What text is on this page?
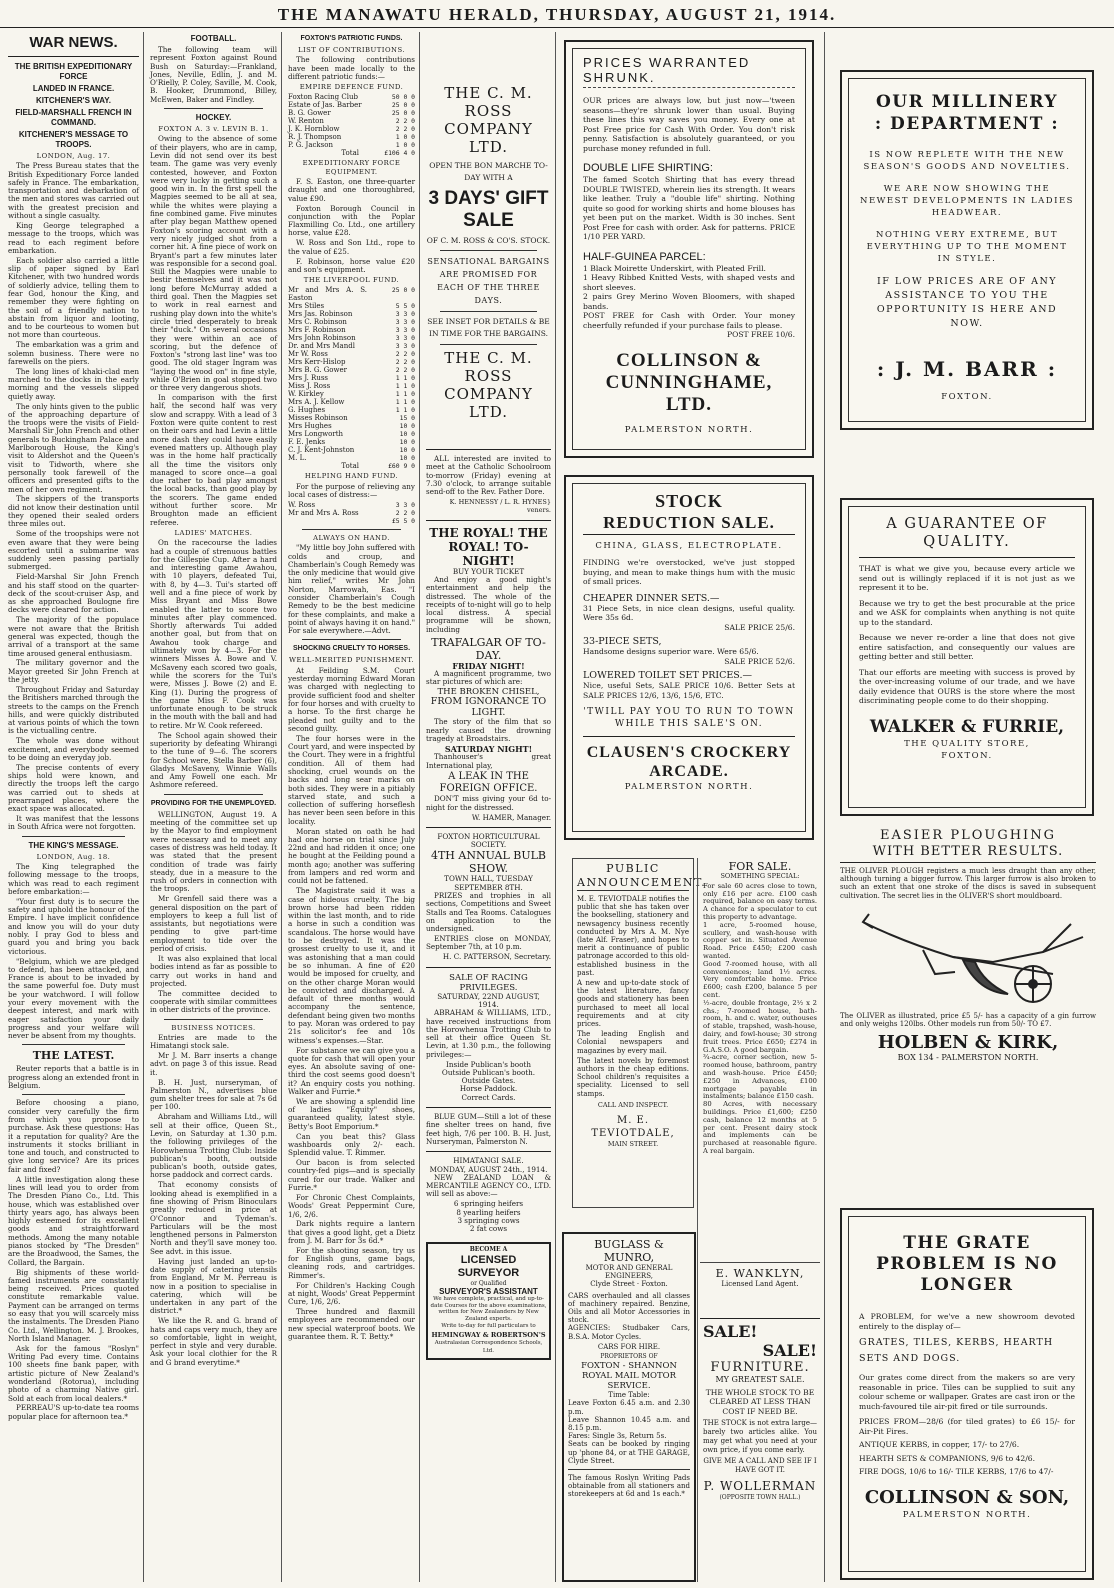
THE MANAWATU HERALD, THURSDAY, AUGUST 21, 1914.
WAR NEWS.
THE BRITISH EXPEDITIONARY FORCE
LANDED IN FRANCE.
KITCHENER'S WAY.
FIELD-MARSHALL FRENCH IN COMMAND.
KITCHENER'S MESSAGE TO TROOPS.
LONDON, Aug. 17.

The Press Bureau states that the British Expeditionary Force landed safely in France. The embarkation, transportation and debarkation of the men and stores was carried out with the greatest precision and without a single casualty.

King George telegraphed a message to the troops, which was read to each regiment before embarkation.

Each soldier also carried a little slip of paper signed by Earl Kitchener, with two hundred words of soldierly advice, telling them to fear God, honour the King, and remember they were fighting on the soil of a friendly nation to abstain from liquor and looting, and to be courteous to women but not more than courteous.

The embarkation was a grim and solemn business. There were no farewells on the piers.

The long lines of khaki-clad men marched to the docks in the early morning and the vessels slipped quietly away.

The only hints given to the public of the approaching departure of the troops were the visits of Field-Marshall Sir John French and other generals to Buckingham Palace and Marlborough House, the King's visit to Aldershot and the Queen's visit to Tidworth, where she personally took farewell of the officers and presented gifts to the men of her own regiment.

The skippers of the transports did not know their destination until they opened their sealed orders three miles out.

Some of the troopships were not even aware that they were being escorted until a submarine was suddenly seen passing partially submerged.

Field-Marshal Sir John French and his staff stood on the quarter-deck of the scout-cruiser Asp, and as she approached Boulogne fire decks were cleared for action.

The majority of the populace were not aware that the British general was expected, though the arrival of a transport at the same time aroused general enthusiasm.

The military governor and the Mayor greeted Sir John French at the jetty.

Throughout Friday and Saturday the Britishers marched through the streets to the camps on the French hills, and were quickly distributed at various points of which the town is the victualling centre.

The whole was done without excitement, and everybody seemed to be doing an everyday job.

The precise contents of every ships hold were known, and directly the troops left the cargo was carried out to sheds at prearranged places, where the exact space was allocated.

It was manifest that the lessons in South Africa were not forgotten.

THE KING'S MESSAGE.
LONDON, Aug. 18.

The King telegraphed the following message to the troops, which was read to each regiment before embarkation:—

"Your first duty is to secure the safety and uphold the honour of the Empire. I have implicit confidence and know you will do your duty nobly. I pray God to bless and guard you and bring you back victorious.

"Belgium, which we are pledged to defend, has been attacked, and France is about to be invaded by the same powerful foe. Duty must be your watchword. I will follow your every movement with the deepest interest, and mark with eager satisfaction your daily progress and your welfare will never be absent from my thoughts.

THE LATEST.

Reuter reports that a battle is in progress along an extended front in Belgium.

Before choosing a piano, consider very carefully the firm from which you propose to purchase. Ask these questions: Has it a reputation for quality? Are the instruments it stocks brilliant in tone and touch, and constructed to give long service? Are its prices fair and fixed?

A little investigation along these lines will lead you to order from The Dresden Piano Co., Ltd. This house, which was established over thirty years ago, has always been highly esteemed for its excellent goods and straightforward methods. Among the many notable pianos stocked by "The Dresden" are the Broadwood, the Sames, the Collard, the Bargain.

Big shipments of these world-famed instruments are constantly being received. Prices quoted constitute remarkable value. Payment can be arranged on terms so easy that you will scarcely miss the instalments. The Dresden Piano Co. Ltd., Wellington. M. J. Brookes, North Island Manager.

Ask for the famous "Roslyn" Writing Pad every time. Contains 100 sheets fine bank paper, with artistic picture of New Zealand's wonderland (Rotorua), including photo of a charming Native girl. Sold at each from local dealers.*

PERREAU'S up-to-date tea rooms popular place for afternoon tea.*

FOOTBALL.

The following team will represent Foxton against Round Bush on Saturday:—Frankland, Jones, Neville, Edlin, J. and M. O'Rielly, P. Coley, Saville, M. Cook, B. Hooker, Drummond, Billey, McEwen, Baker and Findley.

HOCKEY.
FOXTON A. 3 v. LEVIN B. 1.

Owing to the absence of some of their players, who are in camp, Levin did not send over its best team. The game was very evenly contested, however, and Foxton were very lucky in getting such a good win in. In the first spell the Magpies seemed to be all at sea, while the whites were playing a fine combined game. Five minutes after play began Matthew opened Foxton's scoring account with a very nicely judged shot from a corner hit. A fine piece of work on Bryant's part a few minutes later was responsible for a second goal. Still the Magpies were unable to bestir themselves and it was not long before McMurray added a third goal. Then the Magpies set to work in real earnest and rushing play down into the white's circle tried desperately to break their "duck." On several occasions they were within an ace of scoring, but the defence of Foxton's "strong last line" was too good. The old stager Ingram was "laying the wood on" in fine style, while O'Brien in goal stopped two or three very dangerous shots.

In comparison with the first half, the second half was very slow and scrappy. With a lead of 3 Foxton were quite content to rest on their oars and had Levin a little more dash they could have easily evened matters up. Although play was in the home half practically all the time the visitors only managed to score once—a goal due rather to bad play amongst the local backs, than good play by the scorers. The game ended without further score. Mr Broughton made an efficient referee.

LADIES' MATCHES.

On the racecourse the ladies had a couple of strenuous battles for the Gillespie Cup. After a hard and interesting game Awahou, with 10 players, defeated Tui, with 8, by 4—3. Tui's started off well and a fine piece of work by Miss Bryant and Miss Bowe enabled the latter to score two minutes after play commenced. Shortly afterwards Tui added another goal, but from that on Awahou took charge and ultimately won by 4—3. For the winners Misses A. Bowe and V. McSaveny each scored two goals, while the scorers for the Tui's were, Misses J. Bowe (2) and E. King (1). During the progress of the game Miss F. Cook was unfortunate enough to be struck in the mouth with the ball and had to retire. Mr W. Cook refereed.

The School again showed their superiority by defeating Whirangi to the tune of 9—6. The scorers for School were, Stella Barber (6), Gladys McSaveny, Winnie Walls and Amy Fowell one each. Mr Ashmore refereed.

PROVIDING FOR THE UNEMPLOYED.

WELLINGTON, August 19. A meeting of the committee set up by the Mayor to find employment were necessary and to meet any cases of distress was held today. It was stated that the present condition of trade was fairly steady, due in a measure to the rush of orders in connection with the troops.

Mr Grenfell said there was a general disposition on the part of employers to keep a full list of assistants, but negotiations were pending to give part-time employment to tide over the period of crisis.

It was also explained that local bodies intend as far as possible to carry out works in hand and projected.

The committee decided to cooperate with similar committees in other districts of the province.

BUSINESS NOTICES.

Entries are made to the Himatangi stock sale.

Mr J. M. Barr inserts a change advt. on page 3 of this issue. Read it.

B. H. Just, nurseryman, of Palmerston N., advertises blue gum shelter trees for sale at 7s 6d per 100.

Abraham and Williams Ltd., will sell at their office, Queen St., Levin, on Saturday at 1.30 p.m. the following privileges of the Horowhenua Trotting Club: Inside publican's booth, outside publican's booth, outside gates, horse paddock and correct cards.

That economy consists of looking ahead is exemplified in a fine showing of Prism Binoculars greatly reduced in price at O'Connor and Tydeman's. Particulars will be the most lengthened persons in Palmerston North and they'll save money too. See advt. in this issue.

Having just landed an up-to-date supply of catering utensils from England, Mr M. Perreau is now in a position to specialise in catering, which will be undertaken in any part of the district.*

We like the R. and G. brand of hats and caps very much, they are so comfortable, light in weight, perfect in style and very durable. Ask your local clothier for the R and G brand everytime.*

FOXTON'S PATRIOTIC FUNDS.
LIST OF CONTRIBUTIONS.

The following contributions have been made locally to the different patriotic funds:—

EMPIRE DEFENCE FUND.
Foxton Racing Club	50 0 0
Estate of Jas. Barber	25 0 0
B. G. Gower	25 0 0
W. Renton	2 2 0
J. K. Hornblow	2 2 0
R. J. Thompson	1 0 0
P. G. Jackson	1 0 0
Total	£106 4 0
EXPEDITIONARY FORCE EQUIPMENT.

F. S. Easton, one three-quarter draught and one thoroughbred, value £90.

Foxton Borough Council in conjunction with the Poplar Flaxmilling Co. Ltd., one artillery horse, value £28.

W. Ross and Son Ltd., rope to the value of £25.

F. Robinson, horse value £20 and son's equipment.

THE LIVERPOOL FUND.
Mr and Mrs A. S. Easton	25 0 0
Mrs Stiles	5 5 0
Mrs Jas. Robinson	3 3 0
Mrs C. Robinson	3 3 0
Mrs F. Robinson	3 3 0
Mrs John Robinson	3 3 0
Dr. and Mrs Mandl	3 3 0
Mr W. Ross	2 2 0
Mrs Kerr-Hislop	2 2 0
Mrs B. G. Gower	2 2 0
Mrs J. Russ	1 1 0
Miss J. Ross	1 1 0
W. Kirkley	1 1 0
Mrs A. J. Kellow	1 1 0
G. Hughes	1 1 0
Misses Robinson	15 0
Mrs Hughes	10 0
Mrs Longworth	10 0
F. E. Jenks	10 0
C. J. Kent-Johnston	10 0
M. L.	10 0
Total	£60 9 0
HELPING HAND FUND.

For the purpose of relieving any local cases of distress:—

W. Ross	3 3 0
Mr and Mrs A. Ross	2 2 0
	£5 5 0
ALWAYS ON HAND.

"My little boy John suffered with colds and croup, and Chamberlain's Cough Remedy was the only medicine that would give him relief," writes Mr John Norton, Marrowah, Eas. "I consider Chamberlain's Cough Remedy to be the best medicine for these complaints, and make a point of always having it on hand." For sale everywhere.—Advt.

SHOCKING CRUELTY TO HORSES.
WELL-MERITED PUNISHMENT.

At Feilding S.M. Court yesterday morning Edward Moran was charged with neglecting to provide sufficient food and shelter for four horses and with cruelty to a horse. To the first charge he pleaded not guilty and to the second guilty.

The four horses were in the Court yard, and were inspected by the Court. They were in a frightful condition. All of them had shocking, cruel wounds on the backs and long sear marks on both sides. They were in a pitiably starved state, and such a collection of suffering horseflesh has never been seen before in this locality.

Moran stated on oath he had had one horse on trial since July 22nd and had ridden it once; one he bought at the Feilding pound a month ago; another was suffering from lampers and red worm and could not be fattened.

The Magistrate said it was a case of hideous cruelty. The big brown horse had been ridden within the last month, and to ride a horse in such a condition was scandalous. The horse would have to be destroyed. It was the grossest cruelty to use it, and it was astonishing that a man could be so inhuman. A fine of £20 would be imposed for cruelty, and on the other charge Moran would be convicted and discharged. A default of three months would accompany the sentence, defendant being given two months to pay. Moran was ordered to pay 21s solicitor's fee and 10s witness's expenses.—Star.

For substance we can give you a quote for cash that will open your eyes. An absolute saving of one-third the cost seems good doesn't it? An enquiry costs you nothing. Walker and Furrie.*

We are showing a splendid line of ladies "Equity" shoes, guaranteed quality, latest style. Betty's Boot Emporium.*

Can you beat this? Glass washboards only 2/- each. Splendid value. T. Rimmer.

Our bacon is from selected country-fed pigs—and is specially cured for our trade. Walker and Furrie.*

For Chronic Chest Complaints, Woods' Great Peppermint Cure, 1/6, 2/6.

Dark nights require a lantern that gives a good light, get a Dietz from J. M. Barr for 3s 6d.*

For the shooting season, try us for English guns, game bags, cleaning rods, and cartridges. Rimmer's.

For Children's Hacking Cough at night, Woods' Great Peppermint Cure, 1/6, 2/6.

Three hundred and flaxmill employees are recommended our new special waterproof boots. We guarantee them. R. T. Betty.*

THE C. M. ROSS COMPANY LTD.
OPEN THE BON MARCHE TO-DAY WITH A
3 DAYS' GIFT SALE
OF C. M. ROSS & CO'S. STOCK.
SENSATIONAL BARGAINS ARE PROMISED FOR EACH OF THE THREE DAYS.
SEE INSET FOR DETAILS & BE IN TIME FOR THE BARGAINS.
THE C. M. ROSS COMPANY LTD.

ALL interested are invited to meet at the Catholic Schoolroom to-morrow (Friday) evening at 7.30 o'clock, to arrange suitable send-off to the Rev. Father Dore.

K. HENNESSY / L. R. HYNES} veners.
THE ROYAL! THE ROYAL! TO-NIGHT!
BUY YOUR TICKET

And enjoy a good night's entertainment and help the distressed. The whole of the receipts of to-night will go to help local distress. A special programme will be shown, including

TRAFALGAR OF TO-DAY.
FRIDAY NIGHT!

A magnificent programme, two star pictures of which are:

THE BROKEN CHISEL,
FROM IGNORANCE TO LIGHT.

The story of the film that so nearly caused the drowning tragedy at Broadstairs.

SATURDAY NIGHT!

Thanhouser's great International play,

A LEAK IN THE FOREIGN OFFICE.

DON'T miss giving your 6d to-night for the distressed.

W. HAMER, Manager.
FOXTON HORTICULTURAL SOCIETY.
4TH ANNUAL BULB SHOW.
TOWN HALL, TUESDAY SEPTEMBER 8TH.

PRIZES and trophies in all sections, Competitions and Sweet Stalls and Tea Rooms. Catalogues on application to the undersigned.

ENTRIES close on MONDAY, September 7th, at 10 p.m.

H. C. PATTERSON, Secretary.
SALE OF RACING PRIVILEGES.
SATURDAY, 22ND AUGUST, 1914.

ABRAHAM & WILLIAMS, LTD., have received instructions from the Horowhenua Trotting Club to sell at their office Queen St. Levin, at 1.30 p.m., the following privileges:—

Inside Publican's booth
Outside Publican's booth.
Outside Gates.
Horse Paddock.
Correct Cards.

BLUE GUM—Still a lot of these fine shelter trees on hand, five feet high, 7/6 per 100. B. H. Just, Nurseryman, Palmerston N.

HIMATANGI SALE.
MONDAY, AUGUST 24th., 1914.

NEW ZEALAND LOAN & MERCANTILE AGENCY CO., LTD. will sell as above:—

6 springing heifers
8 yearling heifers
3 springing cows
2 fat cows
BECOME A
LICENSED SURVEYOR
or Qualified
SURVEYOR'S ASSISTANT
We have complete, practical, and up-to-date Courses for the above examinations, written for New Zealanders by New Zealand experts.
Write to-day for full particulars to
HEMINGWAY & ROBERTSON'S
Australasian Correspondence Schools, Ltd.
PRICES WARRANTED SHRUNK.

OUR prices are always low, but just now—'tween seasons—they're shrunk lower than usual. Buying these lines this way saves you money. Every one at Post Free price for Cash With Order. You don't risk penny. Satisfaction is absolutely guaranteed, or you purchase money refunded in full.

DOUBLE LIFE SHIRTING:

The famed Scotch Shirting that has every thread DOUBLE TWISTED, wherein lies its strength. It wears like leather. Truly a "double life" shirting. Nothing quite so good for working shirts and home blouses has yet been put on the market. Width is 30 inches. Sent Post Free for cash with order. Ask for patterns. PRICE 1/10 PER YARD.

HALF-GUINEA PARCEL:
1 Black Moirette Underskirt, with Pleated Frill.
1 Heavy Ribbed Knitted Vests, with shaped vests and short sleeves.
2 pairs Grey Merino Woven Bloomers, with shaped bands.
POST FREE for Cash with Order. Your money cheerfully refunded if your purchase fails to please.
POST FREE 10/6.
COLLINSON & CUNNINGHAME, LTD.
PALMERSTON NORTH.
STOCK
REDUCTION SALE.
CHINA, GLASS, ELECTROPLATE.

FINDING we're overstocked, we've just stopped buying, and mean to make things hum with the music of small prices.

CHEAPER DINNER SETS.—

31 Piece Sets, in nice clean designs, useful quality. Were 35s 6d.

SALE PRICE 25/6.
33-PIECE SETS,

Handsome designs superior ware. Were 65/6.

SALE PRICE 52/6.
LOWERED TOILET SET PRICES.—

Nice, useful Sets, SALE PRICE 10/6. Better Sets at SALE PRICES 12/6, 13/6, 15/6, ETC.

'TWILL PAY YOU TO RUN TO TOWN WHILE THIS SALE'S ON.
CLAUSEN'S CROCKERY ARCADE.
PALMERSTON NORTH.
PUBLIC ANNOUNCEMENT.

M. E. TEVIOTDALE notifies the public that she has taken over the bookselling, stationery and newsagency business recently conducted by Mrs A. M. Nye (late Alf. Fraser), and hopes to merit a continuance of public patronage accorded to this old-established business in the past.

A new and up-to-date stock of the latest literature, fancy goods and stationery has been purchased to meet all local requirements and at city prices.

The leading English and Colonial newspapers and magazines by every mail.

The latest novels by foremost authors in the cheap editions. School children's requisites a speciality. Licensed to sell stamps.

CALL AND INSPECT.
M. E. TEVIOTDALE,
MAIN STREET.
BUGLASS & MUNRO,
MOTOR AND GENERAL ENGINEERS,
Clyde Street · Foxton.

CARS overhauled and all classes of machinery repaired. Benzine, Oils and all Motor Accessories in stock.

AGENCIES: Studbaker Cars, B.S.A. Motor Cycles.
CARS FOR HIRE.
PROPRIETORS OF
FOXTON - SHANNON ROYAL MAIL MOTOR SERVICE.
Time Table:
Leave Foxton 6.45 a.m. and 2.30 p.m.
Leave Shannon 10.45 a.m. and 8.15 p.m.
Fares: Single 3s, Return 5s.

Seats can be booked by ringing up 'phone 84, or at THE GARAGE, Clyde Street.

The famous Roslyn Writing Pads obtainable from all stationers and storekeepers at 6d and 1s each.*

FOR SALE.
SOMETHING SPECIAL:

For sale 60 acres close to town, only £16 per acre. £100 cash required, balance on easy terms. A chance for a speculator to cut this property to advantage.

1 acre, 5-roomed house, scullery, and wash-house with copper set in. Situated Avenue Road. Price £450; £200 cash wanted.

Good 7-roomed house, with all conveniences; land 1½ acres. Very comfortable home. Price £600; cash £200, balance 5 per cent.

½-acre, double frontage, 2½ x 2 chs.; 7-roomed house, bath-room, h. and c. water, outhouses of stable, trapshed, wash-house, dairy, and fowl-house; 30 strong fruit trees. Price £650; £274 in G.A.S.O. A good bargain.

¾-acre, corner section, new 5-roomed house, bathroom, pantry and wash-house. Price £450; £250 in Advances, £100 mortgage payable in instalments; balance £150 cash.

80 Acres, with necessary buildings. Price £1,600; £250 cash, balance 12 months at 5 per cent. Present dairy stock and implements can be purchased at reasonable figure. A real bargain.

E. WANKLYN,
Licensed Land Agent.
SALE!
SALE!
FURNITURE.
MY GREATEST SALE.
THE WHOLE STOCK TO BE CLEARED AT LESS THAN COST IF NEED BE.

THE STOCK is not extra large—barely two articles alike. You may get what you need at your own price, if you come early.

GIVE ME A CALL AND SEE IF I HAVE GOT IT.
P. WOLLERMAN
(OPPOSITE TOWN HALL.)
OUR MILLINERY
: DEPARTMENT :
IS NOW REPLETE WITH THE NEW SEASON'S GOODS AND NOVELTIES.
WE ARE NOW SHOWING THE NEWEST DEVELOPMENTS IN LADIES HEADWEAR.
NOTHING VERY EXTREME, BUT EVERYTHING UP TO THE MOMENT IN STYLE.
IF LOW PRICES ARE OF ANY ASSISTANCE TO YOU THE OPPORTUNITY IS HERE AND NOW.
: J. M. BARR :
FOXTON.
A GUARANTEE OF
QUALITY.

THAT is what we give you, because every article we send out is willingly replaced if it is not just as we represent it to be.

Because we try to get the best procurable at the price and we ASK for complaints when anything is not quite up to the standard.

Because we never re-order a line that does not give entire satisfaction, and consequently our values are getting better and still better.

That our efforts are meeting with success is proved by the over-increasing volume of our trade, and we have daily evidence that OURS is the store where the most discriminating people come to do their shopping.

WALKER & FURRIE,
THE QUALITY STORE,
FOXTON.
EASIER PLOUGHING
WITH BETTER RESULTS.

THE OLIVER PLOUGH registers a much less draught than any other, although turning a bigger furrow. This larger furrow is also broken to such an extent that one stroke of the discs is saved in subsequent cultivation. The secret lies in the OLIVER'S short mouldboard.

The OLIVER as illustrated, price £5 5/- has a capacity of a gin furrow and only weighs 120lbs. Other models run from 50/- TO £7.

HOLBEN & KIRK,
BOX 134 - PALMERSTON NORTH.
THE GRATE PROBLEM IS NO LONGER

A PROBLEM, for we've a new showroom devoted entirely to the display of—

GRATES, TILES, KERBS, HEARTH SETS AND DOGS.

Our grates come direct from the makers so are very reasonable in price. Tiles can be supplied to suit any colour scheme or wallpaper. Grates are cast iron or the much-favoured tile air-pit fired or tile surrounds.

PRICES FROM—28/6 (for tiled grates) to £6 15/- for Air-Pit Fires.
ANTIQUE KERBS, in copper, 17/- to 27/6.
HEARTH SETS & COMPANIONS, 9/6 to 42/6.
FIRE DOGS, 10/6 to 16/- TILE KERBS, 17/6 to 47/-
COLLINSON & SON,
PALMERSTON NORTH.
